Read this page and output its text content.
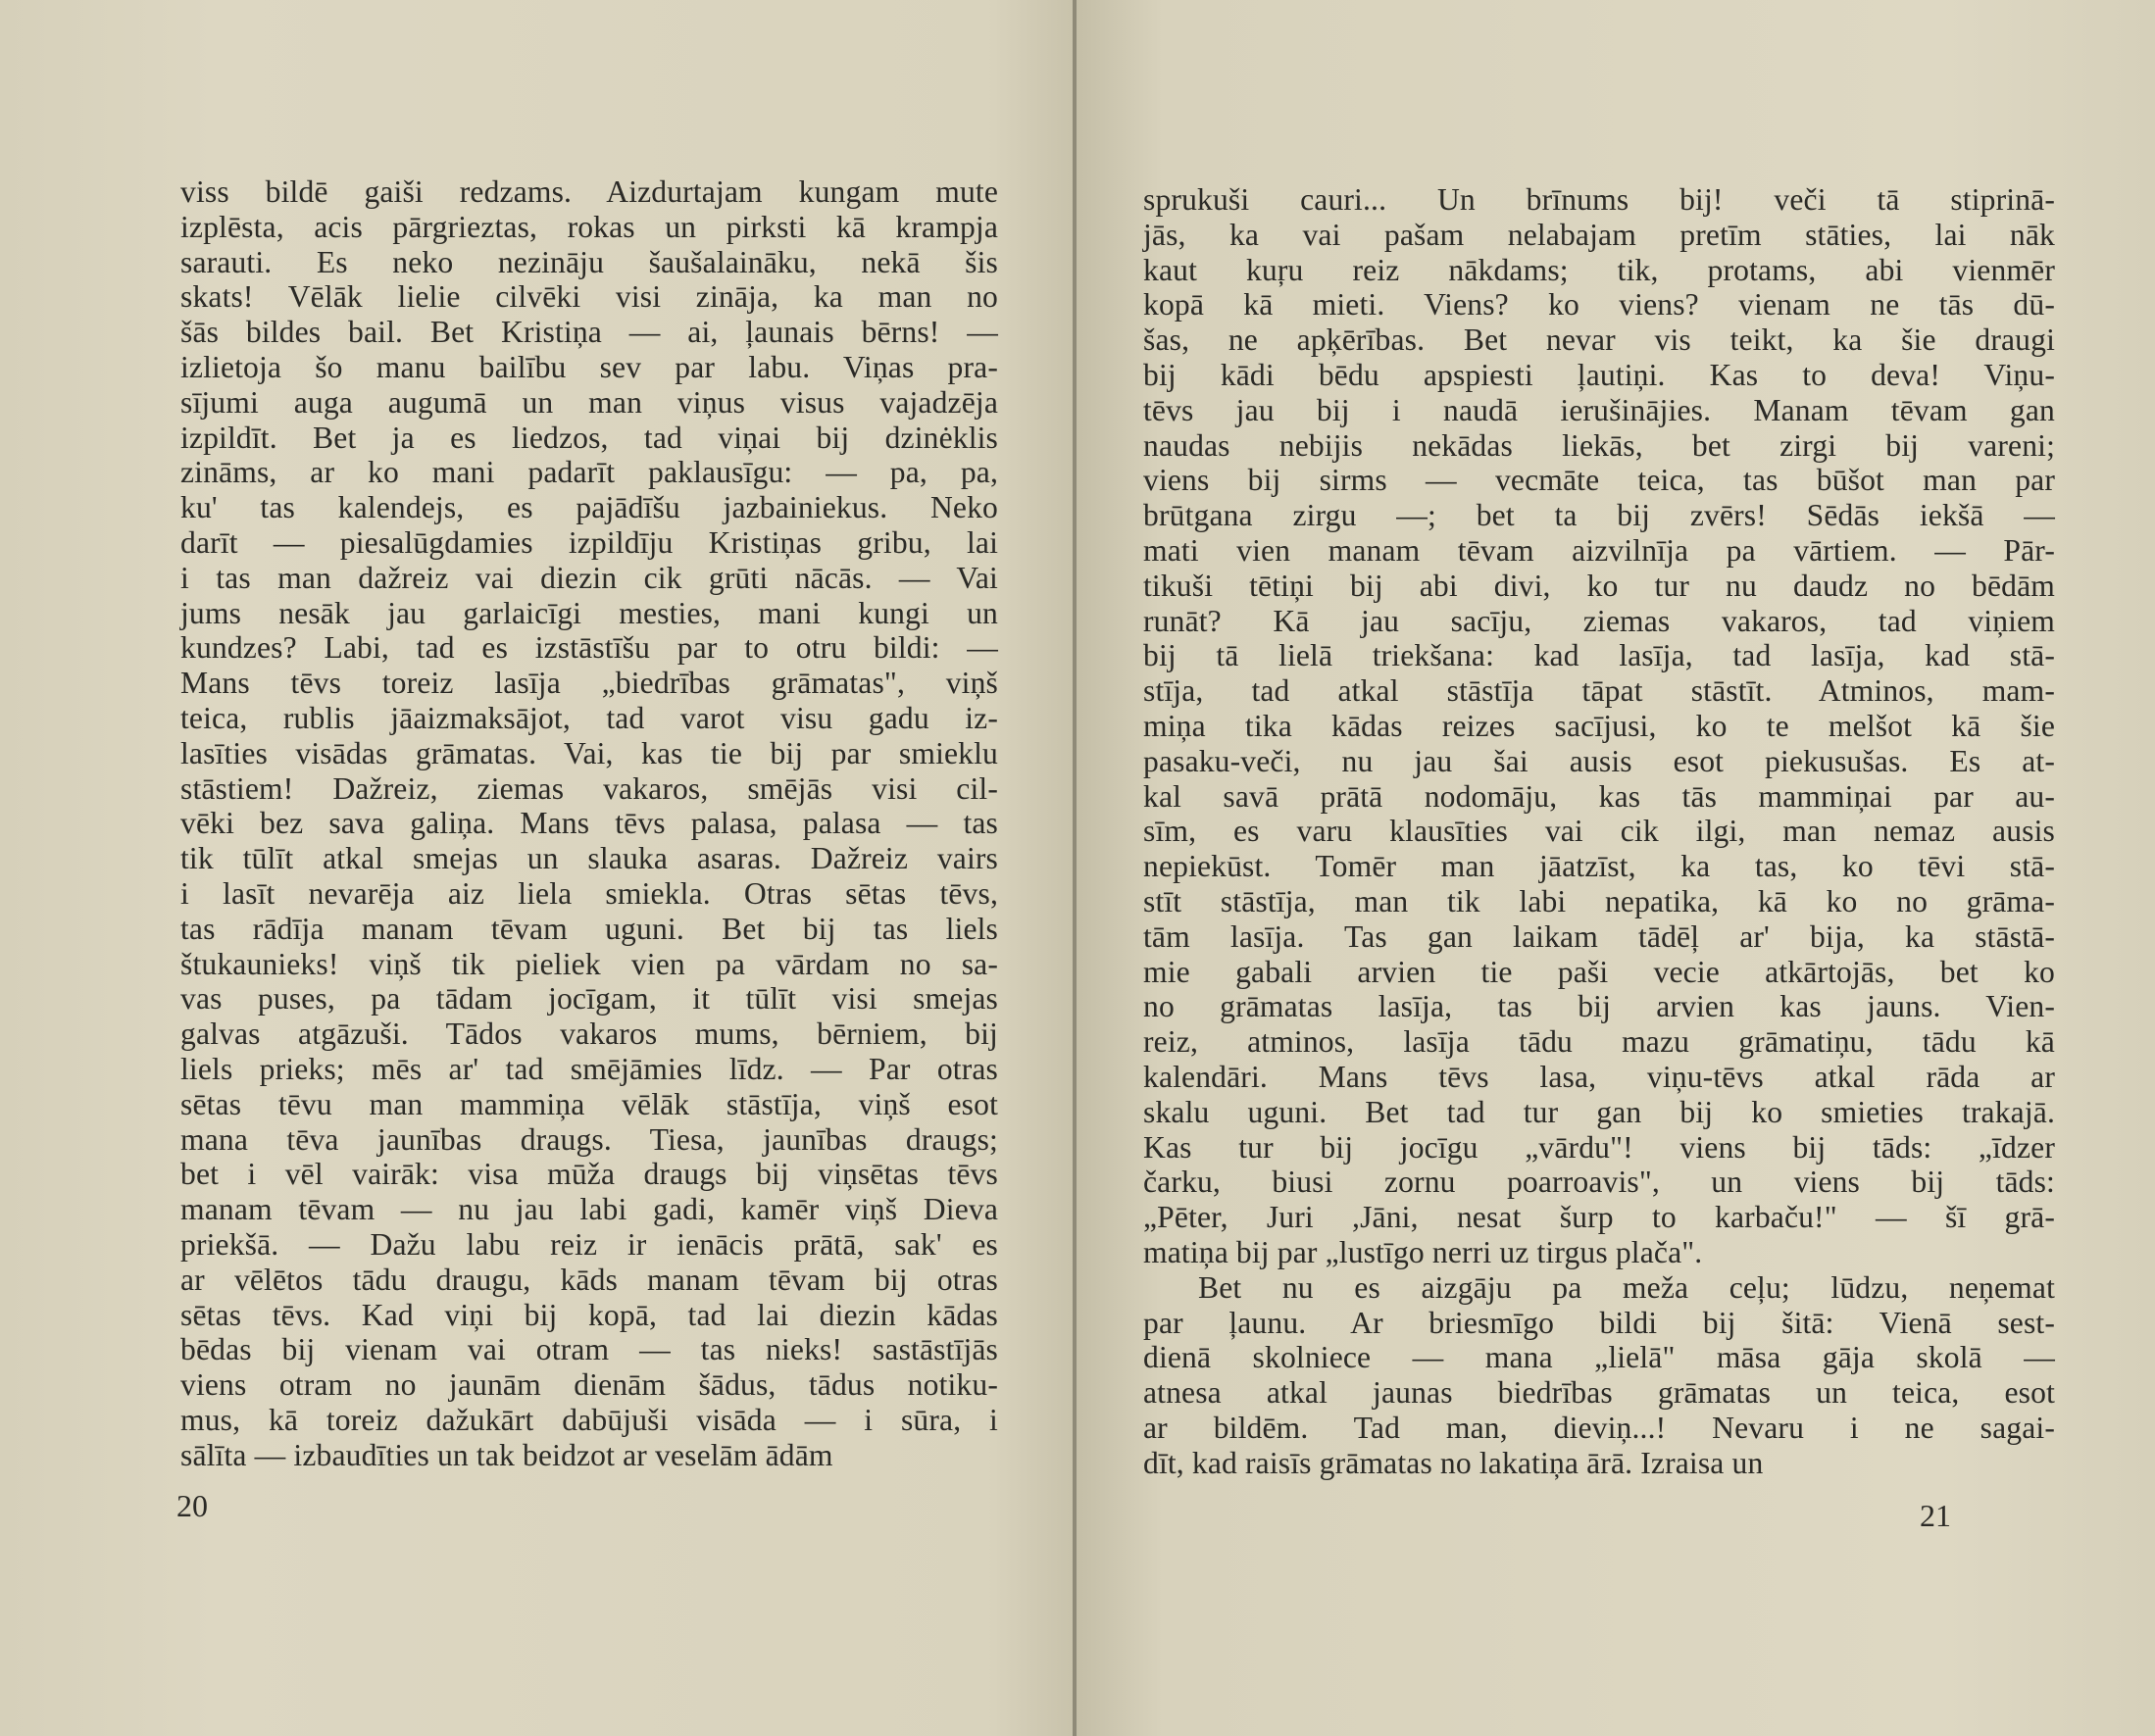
viss bildē gaiši redzams. Aizdurtajam kungam mute
izplēsta, acis pārgrieztas, rokas un pirksti kā krampja
sarauti. Es neko nezināju šaušalaināku, nekā šis
skats! Vēlāk lielie cilvēki visi zināja, ka man no
šās bildes bail. Bet Kristiņa — ai, ļaunais bērns! —
izlietoja šo manu bailību sev par labu. Viņas pra-
sījumi auga augumā un man viņus visus vajadzēja
izpildīt. Bet ja es liedzos, tad viņai bij dzinėklis
zināms, ar ko mani padarīt paklausīgu: — pa, pa,
ku' tas kalendejs, es pajādīšu jazbainiekus. Neko
darīt — piesalūgdamies izpildīju Kristiņas gribu, lai
i tas man dažreiz vai diezin cik grūti nācās. — Vai
jums nesāk jau garlaicīgi mesties, mani kungi un
kundzes? Labi, tad es izstāstīšu par to otru bildi: —
Mans tēvs toreiz lasīja „biedrības grāmatas", viņš
teica, rublis jāaizmaksājot, tad varot visu gadu iz-
lasīties visādas grāmatas. Vai, kas tie bij par smieklu
stāstiem! Dažreiz, ziemas vakaros, smējās visi cil-
vēki bez sava galiņa. Mans tēvs palasa, palasa — tas
tik tūlīt atkal smejas un slauka asaras. Dažreiz vairs
i lasīt nevarēja aiz liela smiekla. Otras sētas tēvs,
tas rādīja manam tēvam uguni. Bet bij tas liels
štukaunieks! viņš tik pieliek vien pa vārdam no sa-
vas puses, pa tādam jocīgam, it tūlīt visi smejas
galvas atgāzuši. Tādos vakaros mums, bērniem, bij
liels prieks; mēs ar' tad smējāmies līdz. — Par otras
sētas tēvu man mammiņa vēlāk stāstīja, viņš esot
mana tēva jaunības draugs. Tiesa, jaunības draugs;
bet i vēl vairāk: visa mūža draugs bij viņsētas tēvs
manam tēvam — nu jau labi gadi, kamēr viņš Dieva
priekšā. — Dažu labu reiz ir ienācis prātā, sak' es
ar vēlētos tādu draugu, kāds manam tēvam bij otras
sētas tēvs. Kad viņi bij kopā, tad lai diezin kādas
bēdas bij vienam vai otram — tas nieks! sastāstījās
viens otram no jaunām dienām šādus, tādus notiku-
mus, kā toreiz dažukārt dabūjuši visāda — i sūra, i
sālīta — izbaudīties un tak beidzot ar veselām ādām
20
sprukuši cauri... Un brīnums bij! veči tā stiprinā-
jās, ka vai pašam nelabajam pretīm stāties, lai nāk
kaut kuŗu reiz nākdams; tik, protams, abi vienmēr
kopā kā mieti. Viens? ko viens? vienam ne tās dū-
šas, ne apķērības. Bet nevar vis teikt, ka šie draugi
bij kādi bēdu apspiesti ļautiņi. Kas to deva! Viņu-
tēvs jau bij i naudā ierušinājies. Manam tēvam gan
naudas nebijis nekādas liekās, bet zirgi bij vareni;
viens bij sirms — vecmāte teica, tas būšot man par
brūtgana zirgu —; bet ta bij zvērs! Sēdās iekšā —
mati vien manam tēvam aizvilnīja pa vārtiem. — Pār-
tikuši tētiņi bij abi divi, ko tur nu daudz no bēdām
runāt? Kā jau sacīju, ziemas vakaros, tad viņiem
bij tā lielā triekšana: kad lasīja, tad lasīja, kad stā-
stīja, tad atkal stāstīja tāpat stāstīt. Atminos, mam-
miņa tika kādas reizes sacījusi, ko te melšot kā šie
pasaku-veči, nu jau šai ausis esot piekusušas. Es at-
kal savā prātā nodomāju, kas tās mammiņai par au-
sīm, es varu klausīties vai cik ilgi, man nemaz ausis
nepiekūst. Tomēr man jāatzīst, ka tas, ko tēvi stā-
stīt stāstīja, man tik labi nepatika, kā ko no grāma-
tām lasīja. Tas gan laikam tādēļ ar' bija, ka stāstā-
mie gabali arvien tie paši vecie atkārtojās, bet ko
no grāmatas lasīja, tas bij arvien kas jauns. Vien-
reiz, atminos, lasīja tādu mazu grāmatiņu, tādu kā
kalendāri. Mans tēvs lasa, viņu-tēvs atkal rāda ar
skalu uguni. Bet tad tur gan bij ko smieties trakajā.
Kas tur bij jocīgu „vārdu"! viens bij tāds: „īdzer
čarku, biusi zornu poarroavis", un viens bij tāds:
„Pēter, Juri ,Jāni, nesat šurp to karbaču!" — šī grā-
matiņa bij par „lustīgo nerri uz tirgus plača".
Bet nu es aizgāju pa meža ceļu; lūdzu, neņemat
par ļaunu. Ar briesmīgo bildi bij šitā: Vienā sest-
dienā skolniece — mana „lielā" māsa gāja skolā —
atnesa atkal jaunas biedrības grāmatas un teica, esot
ar bildēm. Tad man, dieviņ...! Nevaru i ne sagai-
dīt, kad raisīs grāmatas no lakatiņa ārā. Izraisa un
21
